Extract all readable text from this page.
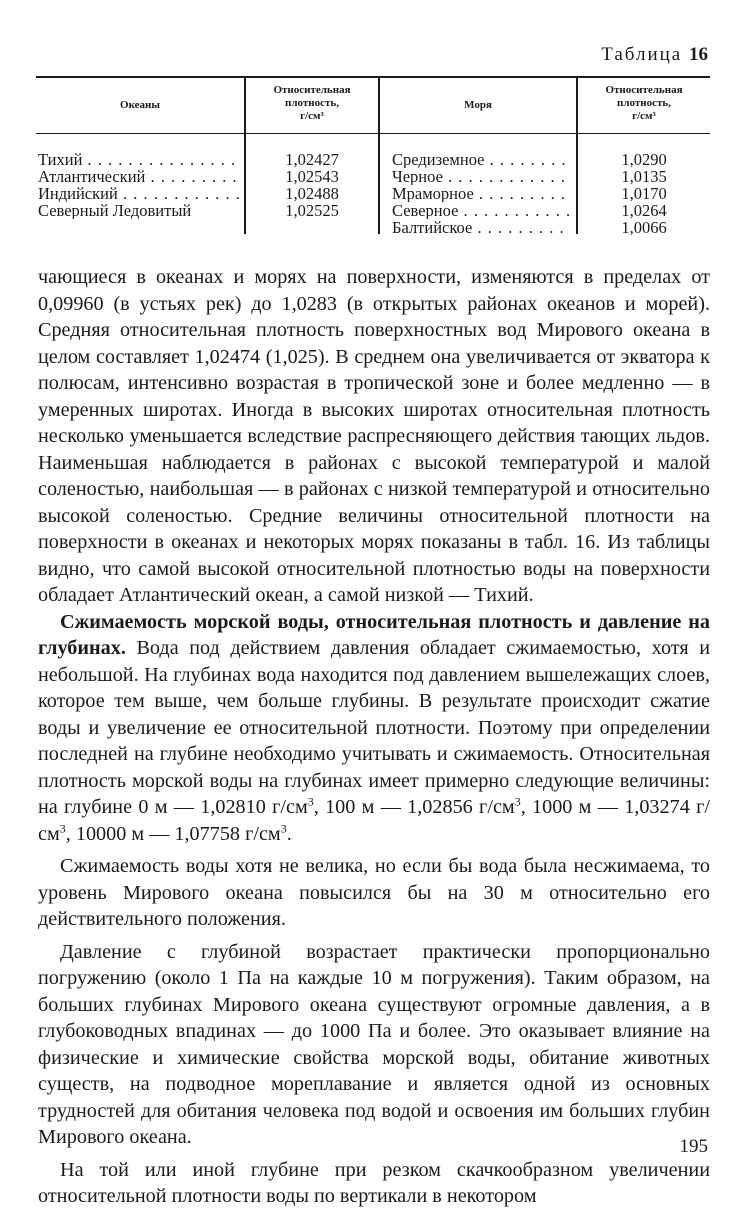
Таблица 16
Океаны
Относительная
плотность,
г/см³
Моря
Относительная
плотность,
г/см³
Тихий . . .
Атлантический . . .
Индийский . . .
Северный Ледовитый
1,02427
1,02543
1,02488
1,02525
Средиземное . . .
Черное . . .
Мраморное . . .
Северное . . .
Балтийское . . .
1,0290
1,0135
1,0170
1,0264
1,0066

чающиеся в океанах и морях на поверхности, изменяются в пределах от 0,09960 (в устьях рек) до 1,0283 (в открытых районах океанов и морей). Средняя относительная плотность поверхностных вод Мирового океана в целом составляет 1,02474 (1,025). В среднем она увеличивается от экватора к полюсам, интенсивно возрастая в тропической зоне и более медленно — в умеренных широтах. Иногда в высоких широтах относительная плотность несколько уменьшается вследствие распресняющего действия тающих льдов. Наименьшая наблюдается в районах с высокой температурой и малой соленостью, наибольшая — в районах с низкой температурой и относительно высокой соленостью. Средние величины относительной плотности на поверхности в океанах и некоторых морях показаны в табл. 16. Из таблицы видно, что самой высокой относительной плотностью воды на поверхности обладает Атлантический океан, а самой низкой — Тихий.

Сжимаемость морской воды, относительная плотность и давление на глубинах. Вода под действием давления обладает сжимаемостью, хотя и небольшой. На глубинах вода находится под давлением вышележащих слоев, которое тем выше, чем больше глубины. В результате происходит сжатие воды и увеличение ее относительной плотности. Поэтому при определении последней на глубине необходимо учитывать и сжимаемость. Относительная плотность морской воды на глубинах имеет примерно следующие величины: на глубине 0 м — 1,02810 $г/см^3$, 100 м — 1,02856 $г/см^3$, 1000 м — 1,03274 $г/см^3$, 10000 м — 1,07758 $г/см^3$.

Сжимаемость воды хотя не велика, но если бы вода была несжимаема, то уровень Мирового океана повысился бы на 30 м относительно его действительного положения.

Давление с глубиной возрастает практически пропорционально погружению (около 1 Па на каждые 10 м погружения). Таким образом, на больших глубинах Мирового океана существуют огромные давления, а в глубоководных впадинах — до 1000 Па и более. Это оказывает влияние на физические и химические свойства морской воды, обитание животных существ, на подводное мореплавание и является одной из основных трудностей для обитания человека под водой и освоения им больших глубин Мирового океана.

На той или иной глубине при резком скачкообразном увеличении относительной плотности воды по вертикали в некотором

195
